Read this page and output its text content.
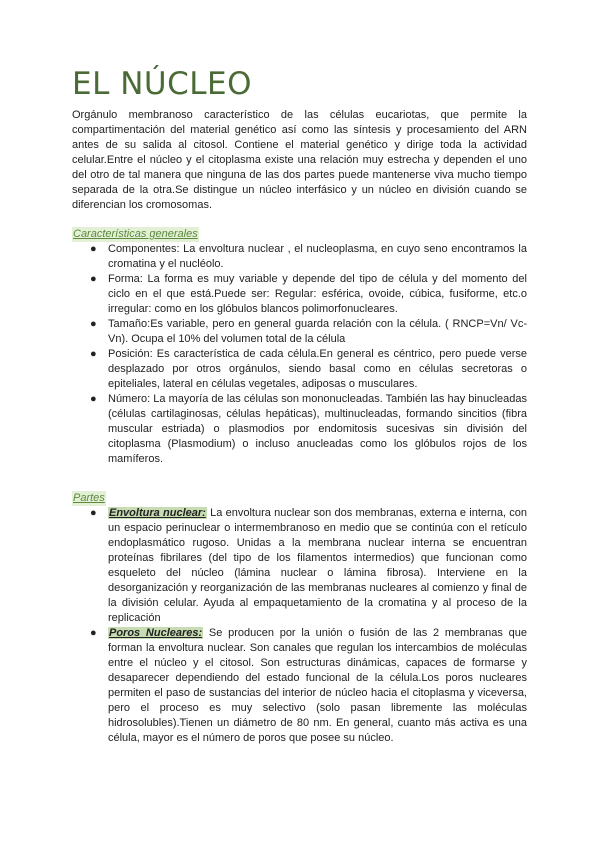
EL NÚCLEO

Orgánulo membranoso característico de las células eucariotas, que permite la compartimentación del material genético así como las síntesis y procesamiento del ARN antes de su salida al citosol. Contiene el material genético y dirige toda la actividad celular.Entre el núcleo y el citoplasma existe una relación muy estrecha y dependen el uno del otro de tal manera que ninguna de las dos partes puede mantenerse viva mucho tiempo separada de la otra.Se distingue un núcleo interfásico y un núcleo en división cuando se diferencian los cromosomas.

Características generales
● Componentes: La envoltura nuclear , el nucleoplasma, en cuyo seno encontramos la cromatina y el nucléolo.
● Forma: La forma es muy variable y depende del tipo de célula y del momento del ciclo en el que está.Puede ser: Regular: esférica, ovoide, cúbica, fusiforme, etc.o irregular: como en los glóbulos blancos polimorfonucleares.
● Tamaño:Es variable, pero en general guarda relación con la célula. ( RNCP=Vn/ Vc-Vn). Ocupa el 10% del volumen total de la célula
● Posición: Es característica de cada célula.En general es céntrico, pero puede verse desplazado por otros orgánulos, siendo basal como en células secretoras o epiteliales, lateral en células vegetales, adiposas o musculares.
● Número: La mayoría de las células son mononucleadas. También las hay binucleadas (células cartilaginosas, células hepáticas), multinucleadas, formando sincitios (fibra muscular estriada) o plasmodios por endomitosis sucesivas sin división del citoplasma (Plasmodium) o incluso anucleadas como los glóbulos rojos de los mamíferos.
Partes
● Envoltura nuclear: La envoltura nuclear son dos membranas, externa e interna, con un espacio perinuclear o intermembranoso en medio que se continúa con el retículo endoplasmático rugoso. Unidas a la membrana nuclear interna se encuentran proteínas fibrilares (del tipo de los filamentos intermedios) que funcionan como esqueleto del núcleo (lámina nuclear o lámina fibrosa). Interviene en la desorganización y reorganización de las membranas nucleares al comienzo y final de la división celular. Ayuda al empaquetamiento de la cromatina y al proceso de la replicación
● Poros Nucleares: Se producen por la unión o fusión de las 2 membranas que forman la envoltura nuclear. Son canales que regulan los intercambios de moléculas entre el núcleo y el citosol. Son estructuras dinámicas, capaces de formarse y desaparecer dependiendo del estado funcional de la célula.Los poros nucleares permiten el paso de sustancias del interior de núcleo hacia el citoplasma y viceversa, pero el proceso es muy selectivo (solo pasan libremente las moléculas hidrosolubles).Tienen un diámetro de 80 nm. En general, cuanto más activa es una célula, mayor es el número de poros que posee su núcleo.
